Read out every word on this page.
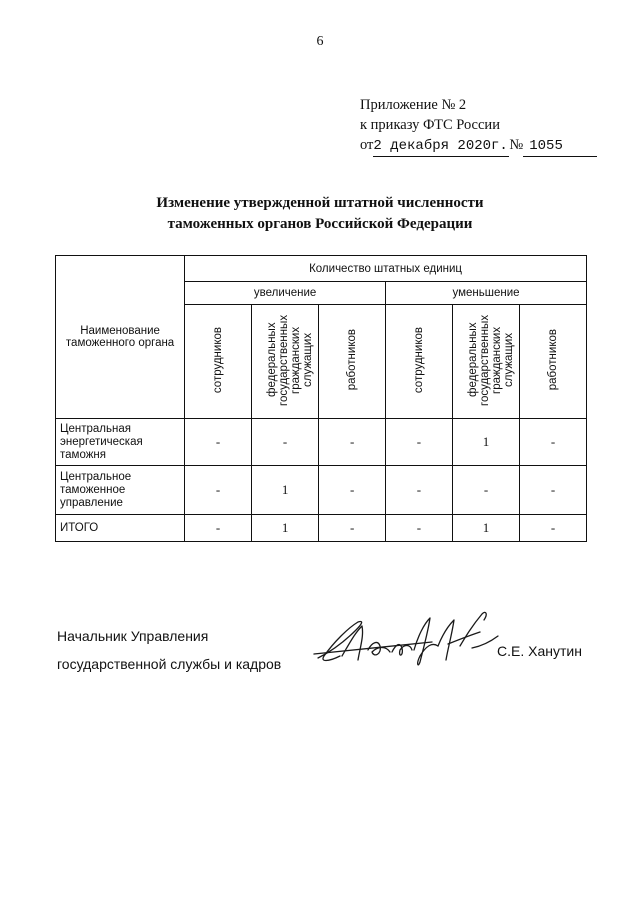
6
Приложение № 2
к приказу ФТС России
от2 декабря 2020г. № 1055
Изменение утвержденной штатной численности
таможенных органов Российской Федерации
Наименование таможенного органа	Количество штатных единиц					
	увеличение			уменьшение		
	сотрудников	федеральных государственных гражданских служащих	работников	сотрудников	федеральных государственных гражданских служащих	работников
Центральная энергетическая таможня	-	-	-	-	1	-
Центральное таможенное управление	-	1	-	-	-	-
ИТОГО	-	1	-	-	1	-
Начальник Управления
государственной службы и кадров
С.Е. Ханутин
